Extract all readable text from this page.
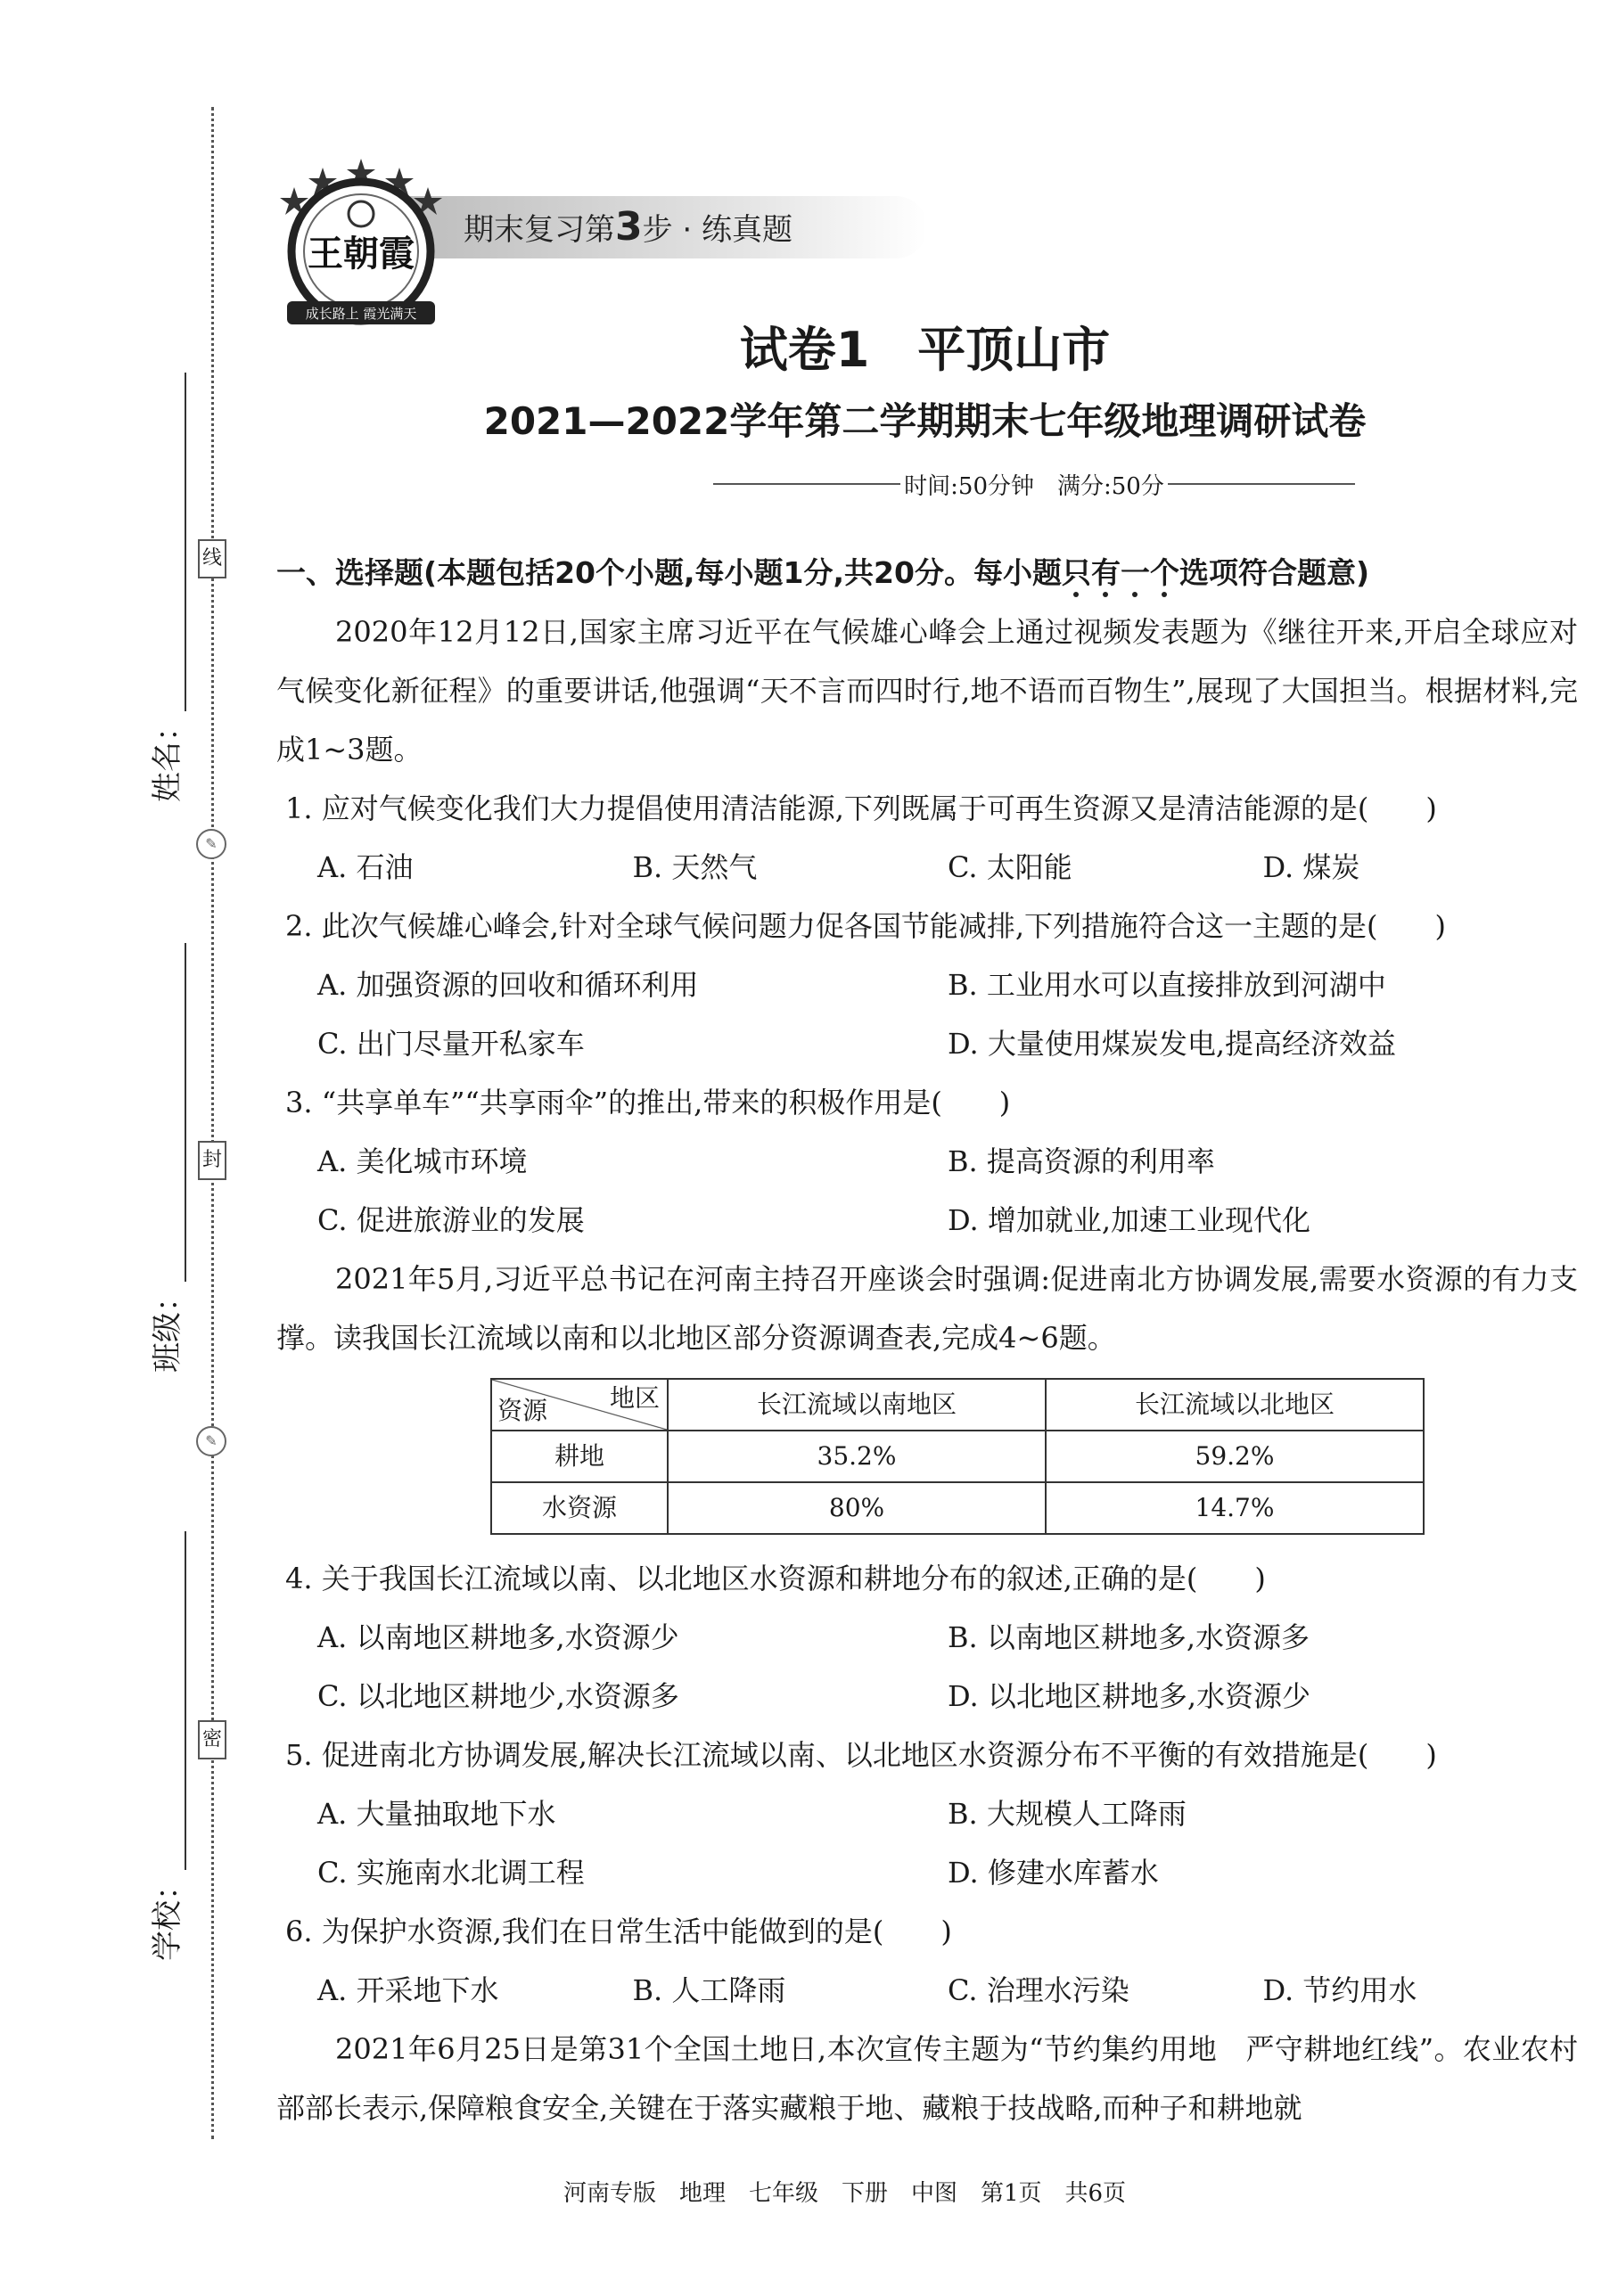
线
封
密
✎
✎
姓名：
班级：
学校：
期末复习第3步 · 练真题
王朝霞
成长路上 霞光满天
试卷1　平顶山市
2021—2022学年第二学期期末七年级地理调研试卷
时间:50分钟　满分:50分
一、选择题(本题包括20个小题,每小题1分,共20分。每小题只有一个选项符合题意)
2020年12月12日,国家主席习近平在气候雄心峰会上通过视频发表题为《继往开来,开启全球应对气候变化新征程》的重要讲话,他强调“天不言而四时行,地不语而百物生”,展现了大国担当。根据材料,完成1~3题。
1. 应对气候变化我们大力提倡使用清洁能源,下列既属于可再生资源又是清洁能源的是(　　)
A. 石油	B. 天然气	C. 太阳能	D. 煤炭
2. 此次气候雄心峰会,针对全球气候问题力促各国节能减排,下列措施符合这一主题的是(　　)
A. 加强资源的回收和循环利用	B. 工业用水可以直接排放到河湖中
C. 出门尽量开私家车	D. 大量使用煤炭发电,提高经济效益
3. “共享单车”“共享雨伞”的推出,带来的积极作用是(　　)
A. 美化城市环境	B. 提高资源的利用率
C. 促进旅游业的发展	D. 增加就业,加速工业现代化
2021年5月,习近平总书记在河南主持召开座谈会时强调:促进南北方协调发展,需要水资源的有力支撑。读我国长江流域以南和以北地区部分资源调查表,完成4~6题。
地区
资源	长江流域以南地区	长江流域以北地区
耕地	35.2%	59.2%
水资源	80%	14.7%
4. 关于我国长江流域以南、以北地区水资源和耕地分布的叙述,正确的是(　　)
A. 以南地区耕地多,水资源少	B. 以南地区耕地多,水资源多
C. 以北地区耕地少,水资源多	D. 以北地区耕地多,水资源少
5. 促进南北方协调发展,解决长江流域以南、以北地区水资源分布不平衡的有效措施是(　　)
A. 大量抽取地下水	B. 大规模人工降雨
C. 实施南水北调工程	D. 修建水库蓄水
6. 为保护水资源,我们在日常生活中能做到的是(　　)
A. 开采地下水	B. 人工降雨	C. 治理水污染	D. 节约用水
2021年6月25日是第31个全国土地日,本次宣传主题为“节约集约用地　严守耕地红线”。农业农村部部长表示,保障粮食安全,关键在于落实藏粮于地、藏粮于技战略,而种子和耕地就
河南专版　地理　七年级　下册　中图　第1页　共6页
